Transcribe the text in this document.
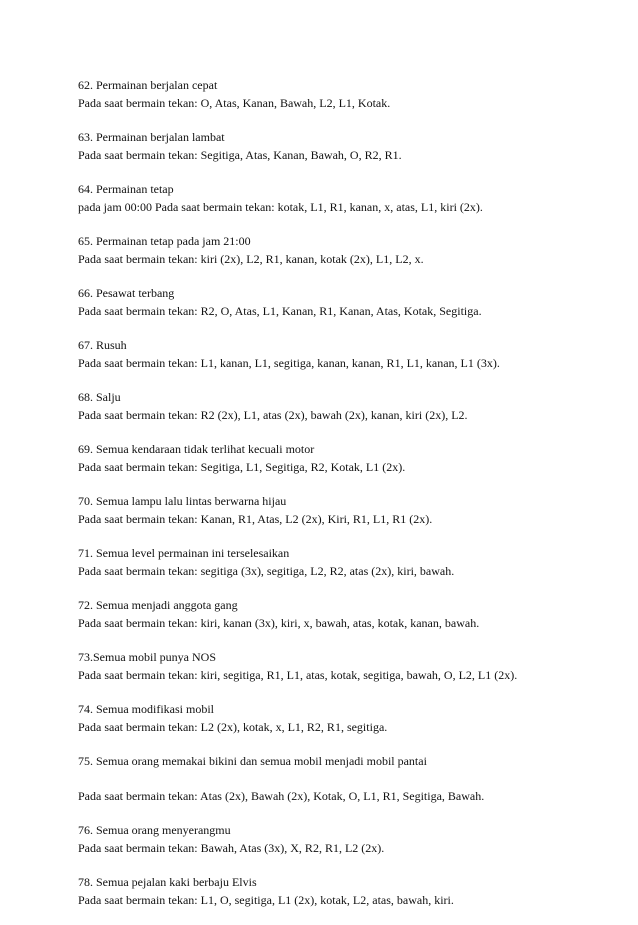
62. Permainan berjalan cepat
Pada saat bermain tekan: O, Atas, Kanan, Bawah, L2, L1, Kotak.
63. Permainan berjalan lambat
Pada saat bermain tekan: Segitiga, Atas, Kanan, Bawah, O, R2, R1.
64. Permainan tetap
pada jam 00:00 Pada saat bermain tekan: kotak, L1, R1, kanan, x, atas, L1, kiri (2x).
65. Permainan tetap pada jam 21:00
Pada saat bermain tekan: kiri (2x), L2, R1, kanan, kotak (2x), L1, L2, x.
66. Pesawat terbang
Pada saat bermain tekan: R2, O, Atas, L1, Kanan, R1, Kanan, Atas, Kotak, Segitiga.
67. Rusuh
Pada saat bermain tekan: L1, kanan, L1, segitiga, kanan, kanan, R1, L1, kanan, L1 (3x).
68. Salju
Pada saat bermain tekan: R2 (2x), L1, atas (2x), bawah (2x), kanan, kiri (2x), L2.
69. Semua kendaraan tidak terlihat kecuali motor
Pada saat bermain tekan: Segitiga, L1, Segitiga, R2, Kotak, L1 (2x).
70. Semua lampu lalu lintas berwarna hijau
Pada saat bermain tekan: Kanan, R1, Atas, L2 (2x), Kiri, R1, L1, R1 (2x).
71. Semua level permainan ini terselesaikan
Pada saat bermain tekan: segitiga (3x), segitiga, L2, R2, atas (2x), kiri, bawah.
72. Semua menjadi anggota gang
Pada saat bermain tekan: kiri, kanan (3x), kiri, x, bawah, atas, kotak, kanan, bawah.
73.Semua mobil punya NOS
Pada saat bermain tekan: kiri, segitiga, R1, L1, atas, kotak, segitiga, bawah, O, L2, L1 (2x).
74. Semua modifikasi mobil
Pada saat bermain tekan: L2 (2x), kotak, x, L1, R2, R1, segitiga.
75. Semua orang memakai bikini dan semua mobil menjadi mobil pantai
Pada saat bermain tekan: Atas (2x), Bawah (2x), Kotak, O, L1, R1, Segitiga, Bawah.
76. Semua orang menyerangmu
Pada saat bermain tekan: Bawah, Atas (3x), X, R2, R1, L2 (2x).
78. Semua pejalan kaki berbaju Elvis
Pada saat bermain tekan: L1, O, segitiga, L1 (2x), kotak, L2, atas, bawah, kiri.
